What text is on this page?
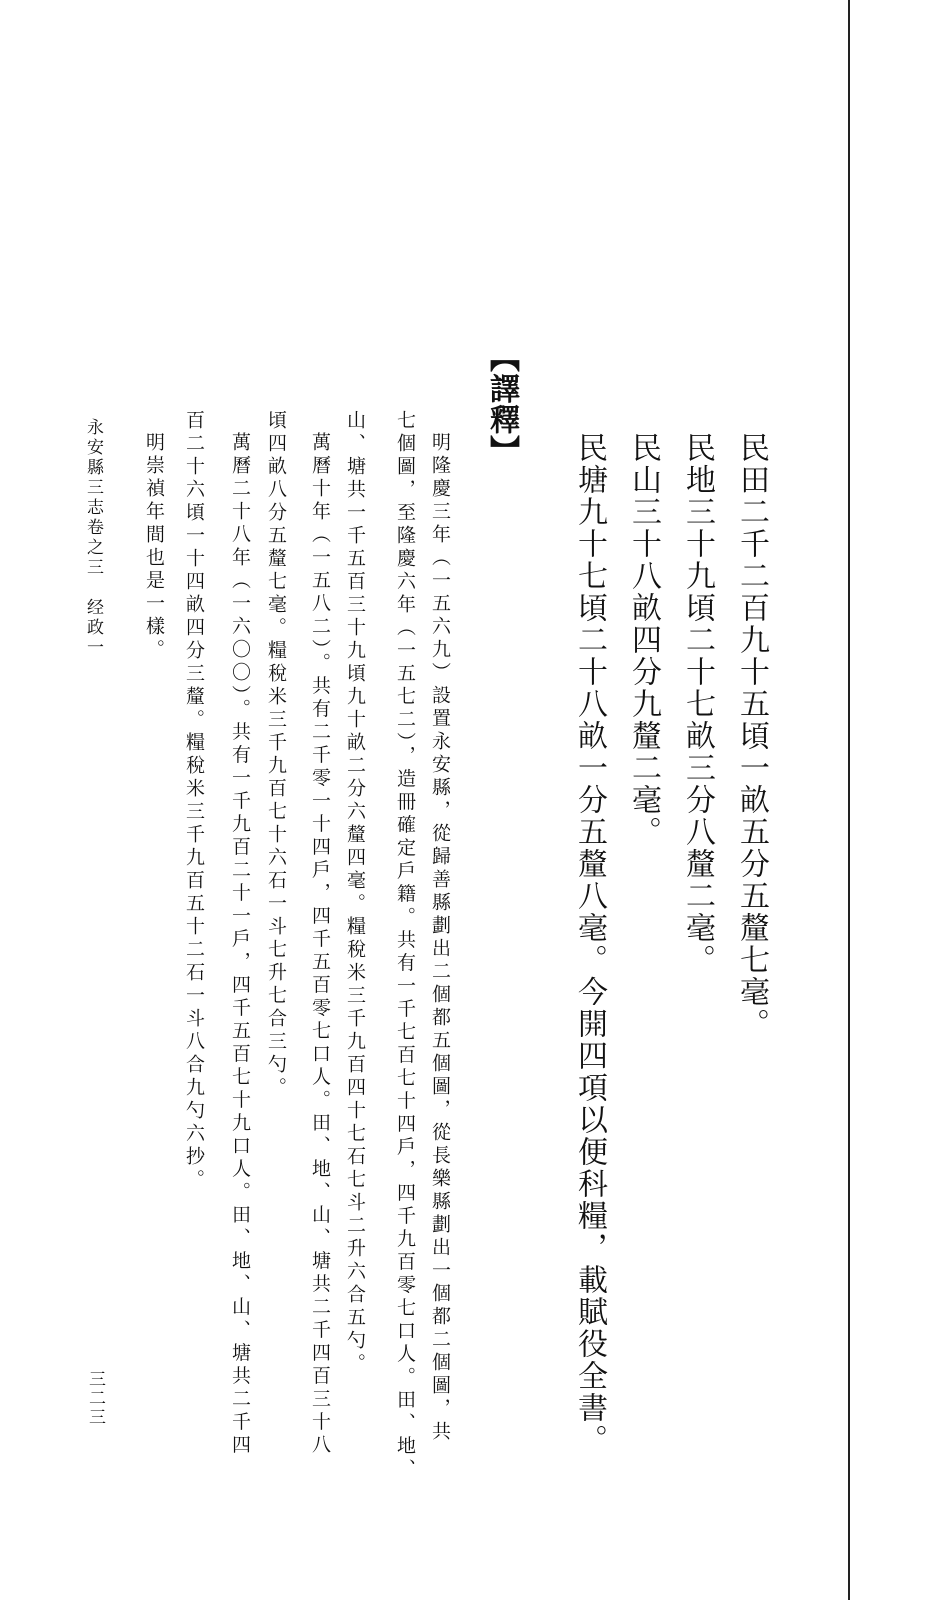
民田二千二百九十五頃一畝五分五釐七毫。
民地三十九頃二十七畝三分八釐二毫。
民山三十八畝四分九釐二毫。
民塘九十七頃二十八畝一分五釐八毫。今開四項以便科糧，載賦役全書。
【譯釋】
明隆慶三年（一五六九）設置永安縣，從歸善縣劃出二個都五個圖，從長樂縣劃出一個都二個圖，共
七個圖，至隆慶六年（一五七二），造冊確定戶籍。共有一千七百七十四戶，四千九百零七口人。田、地、
山、塘共一千五百三十九頃九十畝二分六釐四毫。糧稅米三千九百四十七石七斗二升六合五勺。
萬曆十年（一五八二）。共有二千零一十四戶，四千五百零七口人。田、地、山、塘共二千四百三十八
頃四畝八分五釐七毫。糧稅米三千九百七十六石一斗七升七合三勺。
萬曆二十八年（一六〇〇）。共有一千九百二十一戶，四千五百七十九口人。田、地、山、塘共二千四
百二十六頃一十四畝四分三釐。糧稅米三千九百五十二石一斗八合九勺六抄。
明崇禎年間也是一樣。
永安縣三志卷之三　经政一
三二三
